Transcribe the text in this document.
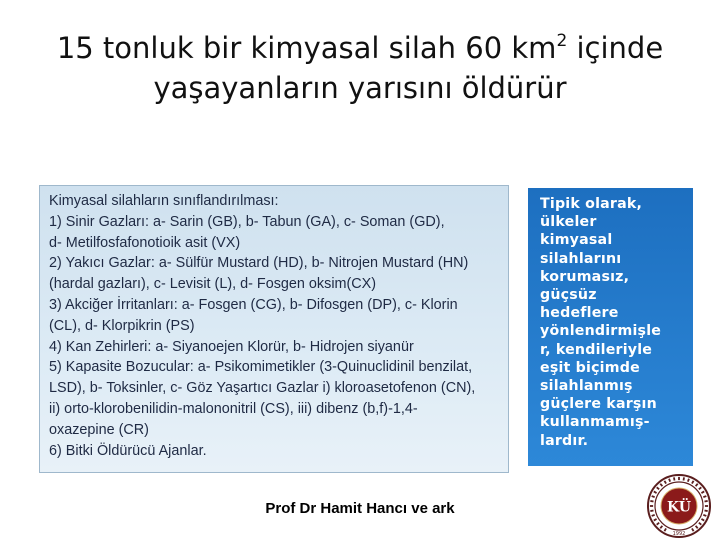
15 tonluk bir kimyasal silah 60 $km^2$ içinde
yaşayanların yarısını öldürür
Kimyasal silahların sınıflandırılması:
1) Sinir Gazları: a- Sarin (GB), b- Tabun (GA), c- Soman (GD),
d- Metilfosfafonotioik asit (VX)
2) Yakıcı Gazlar: a- Sülfür Mustard (HD), b- Nitrojen Mustard (HN)
(hardal gazları), c- Levisit (L), d- Fosgen oksim(CX)
3) Akciğer İrritanları: a- Fosgen (CG), b- Difosgen (DP), c- Klorin
(CL), d- Klorpikrin (PS)
4) Kan Zehirleri: a- Siyanoejen Klorür, b- Hidrojen siyanür
5) Kapasite Bozucular: a- Psikomimetikler (3-Quinuclidinil benzilat,
LSD), b- Toksinler, c- Göz Yaşartıcı Gazlar i) kloroasetofenon (CN),
ii) orto-klorobenilidin-malononitril (CS), iii) dibenz (b,f)-1,4-
oxazepine (CR)
6) Bitki Öldürücü Ajanlar.
Tipik olarak,
ülkeler
kimyasal
silahlarını
korumasız,
güçsüz
hedeflere
yönlendirmişle
r, kendileriyle
eşit biçimde
silahlanmış
güçlere karşın
kullanmamış-
lardır.
Prof Dr Hamit Hancı ve ark	KÜ
1992
